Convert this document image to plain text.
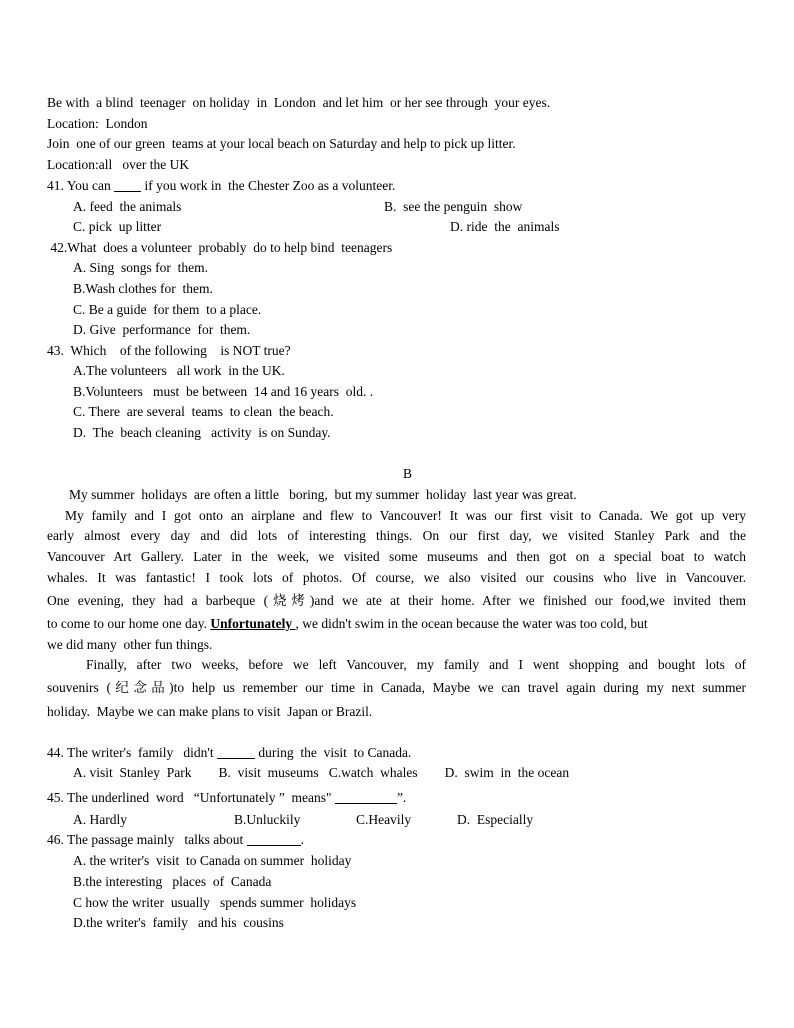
Be with  a blind  teenager  on holiday  in  London  and let him  or her see through  your eyes.
Location:  London
Join  one of our green  teams at your local beach on Saturday and help to pick up litter.
Location:all   over the UK
41. You can  if you work in  the Chester Zoo as a volunteer.
A. feed  the animals	B.  see the penguin  show
C. pick  up litter	D. ride  the  animals
42.What  does a volunteer  probably  do to help bind  teenagers
A. Sing  songs for  them.
B.Wash clothes for  them.
C. Be a guide  for them  to a place.
D. Give  performance  for  them.
43.  Which    of the following    is NOT true?
A.The volunteers   all work  in the UK.
B.Volunteers   must  be between  14 and 16 years  old. .
C. There  are several  teams  to clean  the beach.
D.  The  beach cleaning   activity  is on Sunday.
B
My summer  holidays  are often a little   boring,  but my summer  holiday  last year was great.
My family and I got onto an airplane and flew to Vancouver! It was our first visit to Canada. We got up very
early almost every day and did lots of interesting things. On our first day, we visited Stanley Park and the
Vancouver Art Gallery. Later in the week, we visited some museums and then got on a special boat to watch
whales. It was fantastic! I took lots of photos. Of course, we also visited our cousins who live in Vancouver.
One evening, they had a barbeque (烧烤)and we ate at their home. After we finished our food,we invited them
to come to our home one day. Unfortunately , we didn't swim in the ocean because the water was too cold, but
we did many  other fun things.
Finally, after two weeks, before we left Vancouver, my family and I went shopping and bought lots of
souvenirs (纪念品)to help us remember our time in Canada, Maybe we can travel again during my next summer
holiday.  Maybe we can make plans to visit  Japan or Brazil.
44. The writer's  family   didn't	during  the  visit  to Canada.
A. visit  Stanley  Park        B.  visit  museums   C.watch  whales        D.  swim  in  the ocean
45. The underlined  word   “Unfortunately ”  means"	”.
A. Hardly	B.Unluckily	C.Heavily	D.  Especially
46. The passage mainly   talks about	.
A. the writer's  visit  to Canada on summer  holiday
B.the interesting   places  of  Canada
C how the writer  usually   spends summer  holidays
D.the writer's  family   and his  cousins
